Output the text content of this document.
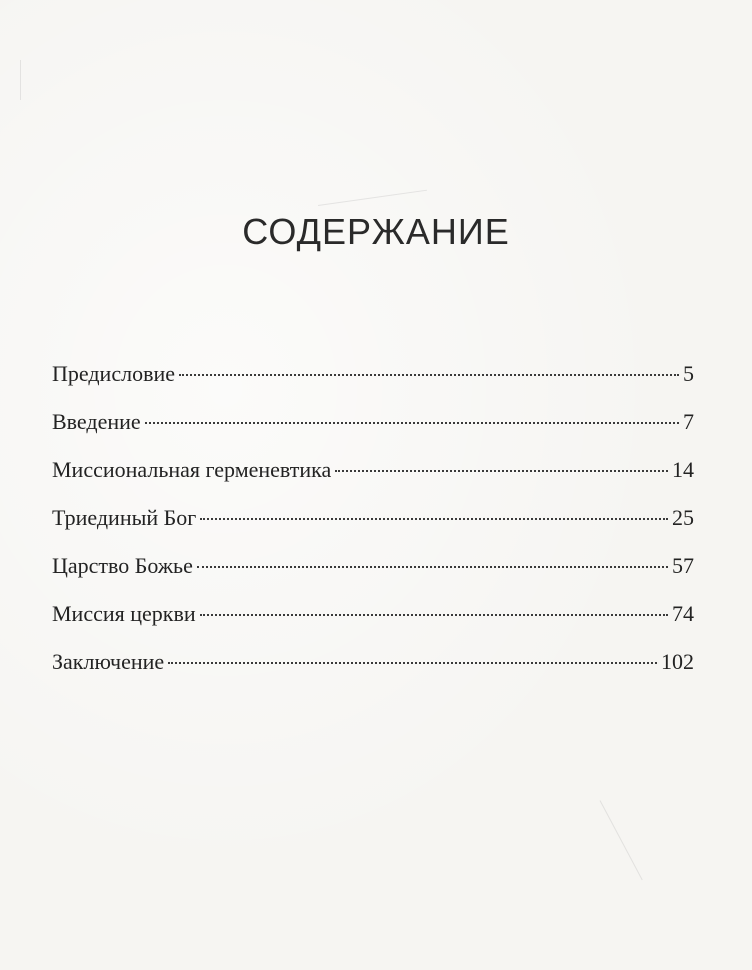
СОДЕРЖАНИЕ
Предисловие	5
Введение	7
Миссиональная герменевтика	14
Триединый Бог	25
Царство Божье	57
Миссия церкви	74
Заключение	102
